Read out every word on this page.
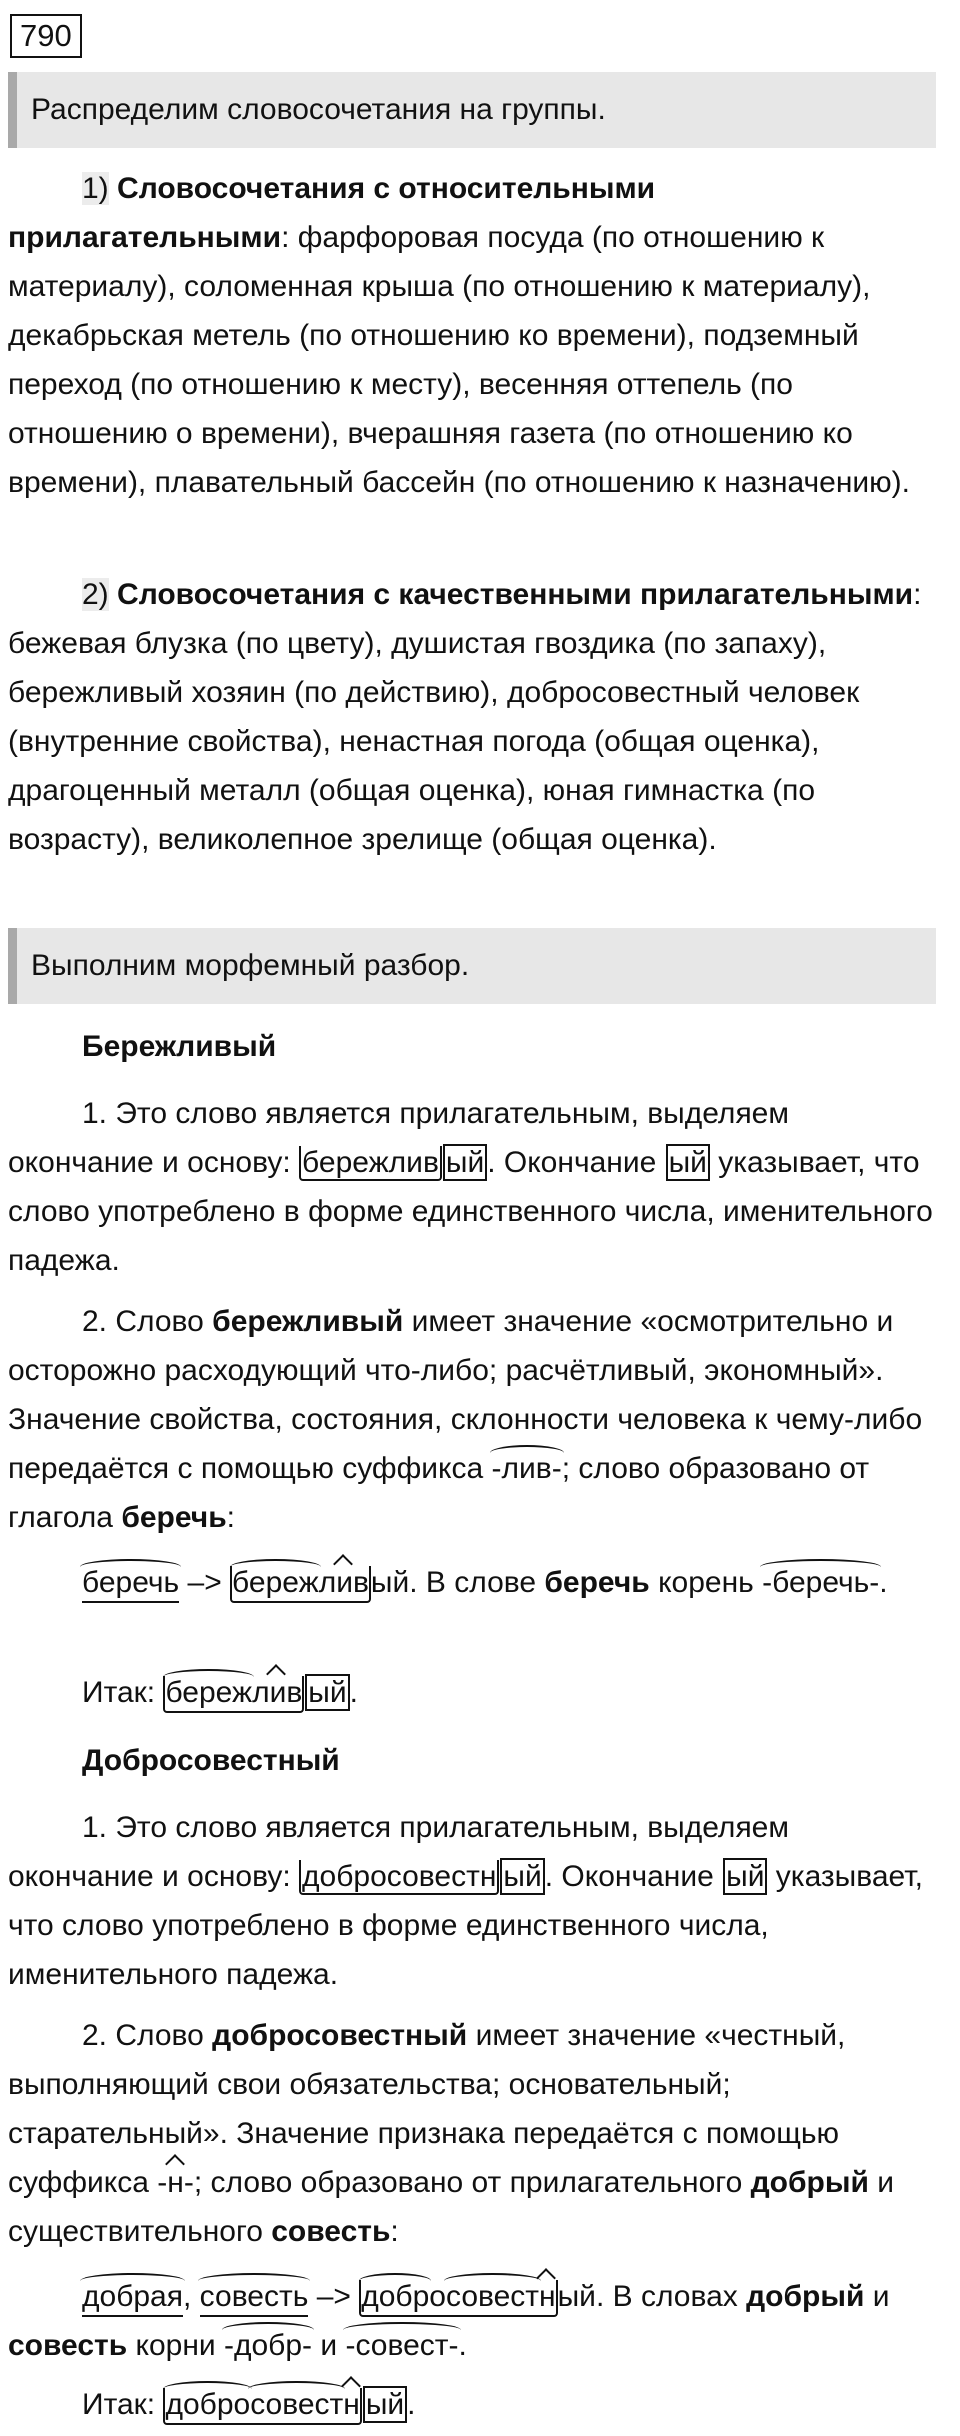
790
Распределим словосочетания на группы.
1) Словосочетания с относительными прилагательными: фарфоровая посуда (по отношению к материалу), соломенная крыша (по отношению к материалу), декабрьская метель (по отношению ко времени), подземный переход (по отношению к месту), весенняя оттепель (по отношению о времени), вчерашняя газета (по отношению ко времени), плавательный бассейн (по отношению к назначению).
2) Словосочетания с качественными прилагательными: бежевая блузка (по цвету), душистая гвоздика (по запаху), бережливый хозяин (по действию), добросовестный человек (внутренние свойства), ненастная погода (общая оценка), драгоценный металл (общая оценка), юная гимнастка (по возрасту), великолепное зрелище (общая оценка).
Выполним морфемный разбор.
Бережливый
1. Это слово является прилагательным, выделяем окончание и основу: бережлив ый . Окончание ый указывает, что слово употреблено в форме единственного числа, именительного падежа.
2. Слово бережливый имеет значение «осмотрительно и осторожно расходующий что-либо; расчётливый, экономный». Значение свойства, состояния, склонности человека к чему-либо передаётся с помощью суффикса -лив-; слово образовано от глагола беречь:
беречь –> бережливый. В слове беречь корень -беречь-.
Итак: бережлив ый .
Добросовестный
1. Это слово является прилагательным, выделяем окончание и основу: добросовестн ый . Окончание ый указывает, что слово употреблено в форме единственного числа, именительного падежа.
2. Слово добросовестный имеет значение «честный, выполняющий свои обязательства; основательный; старательный». Значение признака передаётся с помощью суффикса -н-; слово образовано от прилагательного добрый и существительного совесть:
добрая, совесть –> добросовестный. В словах добрый и совесть корни -добр- и -совест-.
Итак: добросовестн ый .
